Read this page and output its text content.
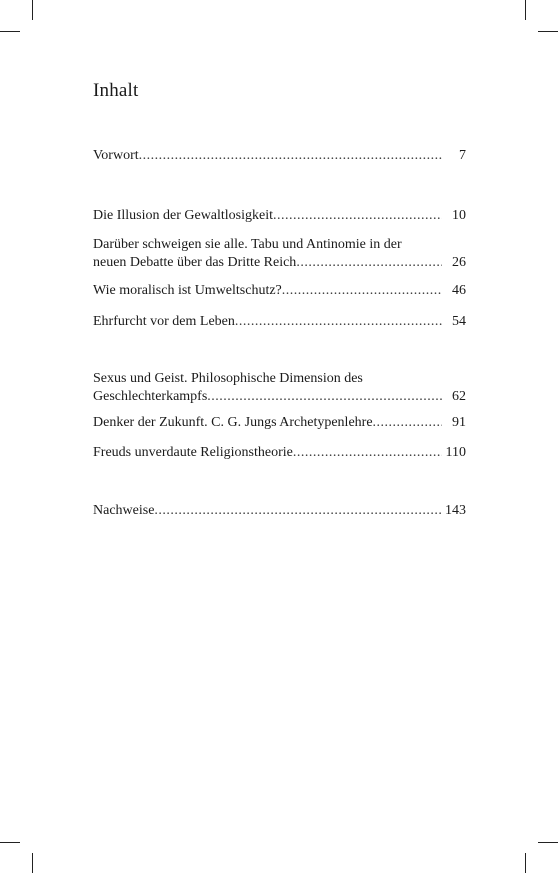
Inhalt
Vorwort .....	7
Die Illusion der Gewaltlosigkeit .....	10
Darüber schweigen sie alle. Tabu und Antinomie in der
neuen Debatte über das Dritte Reich .....	26
Wie moralisch ist Umweltschutz? .....	46
Ehrfurcht vor dem Leben .....	54
Sexus und Geist. Philosophische Dimension des
Geschlechterkampfs .....	62
Denker der Zukunft. C. G. Jungs Archetypenlehre .....	91
Freuds unverdaute Religionstheorie .....	110
Nachweise .....	143
